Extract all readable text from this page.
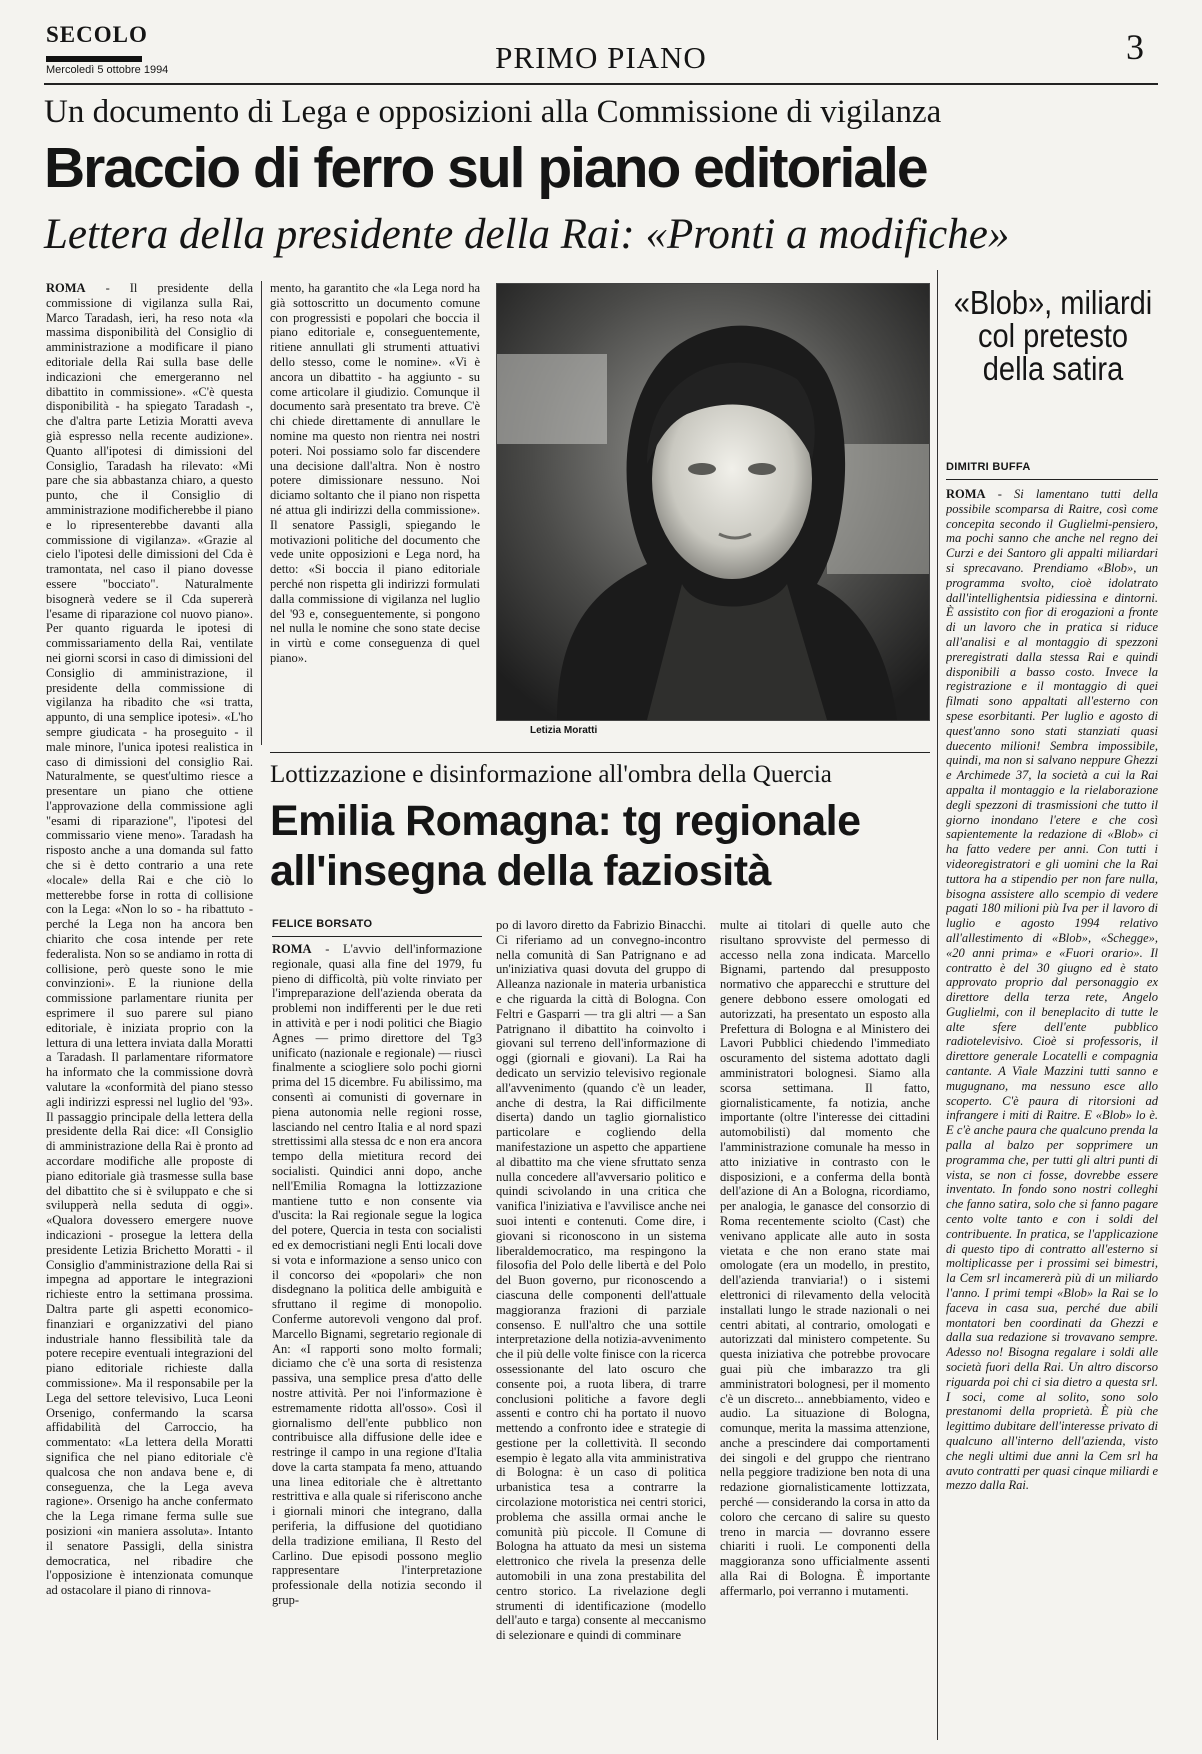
SECOLO
Mercoledì 5 ottobre 1994	PRIMO PIANO	3
Un documento di Lega e opposizioni alla Commissione di vigilanza
Braccio di ferro sul piano editoriale
Lettera della presidente della Rai: «Pronti a modifiche»
ROMA - Il presidente della commissione di vigilanza sulla Rai, Marco Taradash, ieri, ha reso nota «la massima disponibilità del Consiglio di amministrazione a modificare il piano editoriale della Rai sulla base delle indicazioni che emergeranno nel dibattito in commissione». «C'è questa disponibilità - ha spiegato Taradash -, che d'altra parte Letizia Moratti aveva già espresso nella recente audizione». Quanto all'ipotesi di dimissioni del Consiglio, Taradash ha rilevato: «Mi pare che sia abbastanza chiaro, a questo punto, che il Consiglio di amministrazione modificherebbe il piano e lo ripresenterebbe davanti alla commissione di vigilanza». «Grazie al cielo l'ipotesi delle dimissioni del Cda è tramontata, nel caso il piano dovesse essere "bocciato". Naturalmente bisognerà vedere se il Cda supererà l'esame di riparazione col nuovo piano». Per quanto riguarda le ipotesi di commissariamento della Rai, ventilate nei giorni scorsi in caso di dimissioni del Consiglio di amministrazione, il presidente della commissione di vigilanza ha ribadito che «si tratta, appunto, di una semplice ipotesi». «L'ho sempre giudicata - ha proseguito - il male minore, l'unica ipotesi realistica in caso di dimissioni del consiglio Rai. Naturalmente, se quest'ultimo riesce a presentare un piano che ottiene l'approvazione della commissione agli "esami di riparazione", l'ipotesi del commissario viene meno». Taradash ha risposto anche a una domanda sul fatto che si è detto contrario a una rete «locale» della Rai e che ciò lo metterebbe forse in rotta di collisione con la Lega: «Non lo so - ha ribattuto - perché la Lega non ha ancora ben chiarito che cosa intende per rete federalista. Non so se andiamo in rotta di collisione, però queste sono le mie convinzioni». E la riunione della commissione parlamentare riunita per esprimere il suo parere sul piano editoriale, è iniziata proprio con la lettura di una lettera inviata dalla Moratti a Taradash. Il parlamentare riformatore ha informato che la commissione dovrà valutare la «conformità del piano stesso agli indirizzi espressi nel luglio del '93». Il passaggio principale della lettera della presidente della Rai dice: «Il Consiglio di amministrazione della Rai è pronto ad accordare modifiche alle proposte di piano editoriale già trasmesse sulla base del dibattito che si è sviluppato e che si svilupperà nella seduta di oggi». «Qualora dovessero emergere nuove indicazioni - prosegue la lettera della presidente Letizia Brichetto Moratti - il Consiglio d'amministrazione della Rai si impegna ad apportare le integrazioni richieste entro la settimana prossima. Daltra parte gli aspetti economico- finanziari e organizzativi del piano industriale hanno flessibilità tale da potere recepire eventuali integrazioni del piano editoriale richieste dalla commissione». Ma il responsabile per la Lega del settore televisivo, Luca Leoni Orsenigo, confermando la scarsa affidabilità del Carroccio, ha commentato: «La lettera della Moratti significa che nel piano editoriale c'è qualcosa che non andava bene e, di conseguenza, che la Lega aveva ragione». Orsenigo ha anche confermato che la Lega rimane ferma sulle sue posizioni «in maniera assoluta». Intanto il senatore Passigli, della sinistra democratica, nel ribadire che l'opposizione è intenzionata comunque ad ostacolare il piano di rinnova-
mento, ha garantito che «la Lega nord ha già sottoscritto un documento comune con progressisti e popolari che boccia il piano editoriale e, conseguentemente, ritiene annullati gli strumenti attuativi dello stesso, come le nomine». «Vi è ancora un dibattito - ha aggiunto - su come articolare il giudizio. Comunque il documento sarà presentato tra breve. C'è chi chiede direttamente di annullare le nomine ma questo non rientra nei nostri poteri. Noi possiamo solo far discendere una decisione dall'altra. Non è nostro potere dimissionare nessuno. Noi diciamo soltanto che il piano non rispetta né attua gli indirizzi della commissione». Il senatore Passigli, spiegando le motivazioni politiche del documento che vede unite opposizioni e Lega nord, ha detto: «Si boccia il piano editoriale perché non rispetta gli indirizzi formulati dalla commissione di vigilanza nel luglio del '93 e, conseguentemente, si pongono nel nulla le nomine che sono state decise in virtù e come conseguenza di quel piano».
Letizia Moratti
«Blob», miliardi col pretesto della satira
DIMITRI BUFFA
ROMA - Si lamentano tutti della possibile scomparsa di Raitre, così come concepita secondo il Guglielmi-pensiero, ma pochi sanno che anche nel regno dei Curzi e dei Santoro gli appalti miliardari si sprecavano. Prendiamo «Blob», un programma svolto, cioè idolatrato dall'intellighentsia pidiessina e dintorni. È assistito con fior di erogazioni a fronte di un lavoro che in pratica si riduce all'analisi e al montaggio di spezzoni preregistrati dalla stessa Rai e quindi disponibili a basso costo. Invece la registrazione e il montaggio di quei filmati sono appaltati all'esterno con spese esorbitanti. Per luglio e agosto di quest'anno sono stati stanziati quasi duecento milioni! Sembra impossibile, quindi, ma non si salvano neppure Ghezzi e Archimede 37, la società a cui la Rai appalta il montaggio e la rielaborazione degli spezzoni di trasmissioni che tutto il giorno inondano l'etere e che così sapientemente la redazione di «Blob» ci ha fatto vedere per anni. Con tutti i videoregistratori e gli uomini che la Rai tuttora ha a stipendio per non fare nulla, bisogna assistere allo scempio di vedere pagati 180 milioni più Iva per il lavoro di luglio e agosto 1994 relativo all'allestimento di «Blob», «Schegge», «20 anni prima» e «Fuori orario». Il contratto è del 30 giugno ed è stato approvato proprio dal personaggio ex direttore della terza rete, Angelo Guglielmi, con il beneplacito di tutte le alte sfere dell'ente pubblico radiotelevisivo. Cioè si professoris, il direttore generale Locatelli e compagnia cantante. A Viale Mazzini tutti sanno e mugugnano, ma nessuno esce allo scoperto. C'è paura di ritorsioni ad infrangere i miti di Raitre. E «Blob» lo è. E c'è anche paura che qualcuno prenda la palla al balzo per sopprimere un programma che, per tutti gli altri punti di vista, se non ci fosse, dovrebbe essere inventato. In fondo sono nostri colleghi che fanno satira, solo che si fanno pagare cento volte tanto e con i soldi del contribuente. In pratica, se l'applicazione di questo tipo di contratto all'esterno si moltiplicasse per i prossimi sei bimestri, la Cem srl incamererà più di un miliardo l'anno. I primi tempi «Blob» la Rai se lo faceva in casa sua, perché due abili montatori ben coordinati da Ghezzi e dalla sua redazione si trovavano sempre. Adesso no! Bisogna regalare i soldi alle società fuori della Rai. Un altro discorso riguarda poi chi ci sia dietro a questa srl. I soci, come al solito, sono solo prestanomi della proprietà. È più che legittimo dubitare dell'interesse privato di qualcuno all'interno dell'azienda, visto che negli ultimi due anni la Cem srl ha avuto contratti per quasi cinque miliardi e mezzo dalla Rai.
Lottizzazione e disinformazione all'ombra della Quercia
Emilia Romagna: tg regionale all'insegna della faziosità
FELICE BORSATO
ROMA - L'avvio dell'informazione regionale, quasi alla fine del 1979, fu pieno di difficoltà, più volte rinviato per l'impreparazione dell'azienda oberata da problemi non indifferenti per le due reti in attività e per i nodi politici che Biagio Agnes — primo direttore del Tg3 unificato (nazionale e regionale) — riuscì finalmente a sciogliere solo pochi giorni prima del 15 dicembre. Fu abilissimo, ma consentì ai comunisti di governare in piena autonomia nelle regioni rosse, lasciando nel centro Italia e al nord spazi strettissimi alla stessa dc e non era ancora tempo della mietitura record dei socialisti. Quindici anni dopo, anche nell'Emilia Romagna la lottizzazione mantiene tutto e non consente via d'uscita: la Rai regionale segue la logica del potere, Quercia in testa con socialisti ed ex democristiani negli Enti locali dove si vota e informazione a senso unico con il concorso dei «popolari» che non disdegnano la politica delle ambiguità e sfruttano il regime di monopolio. Conferme autorevoli vengono dal prof. Marcello Bignami, segretario regionale di An: «I rapporti sono molto formali; diciamo che c'è una sorta di resistenza passiva, una semplice presa d'atto delle nostre attività. Per noi l'informazione è estremamente ridotta all'osso». Così il giornalismo dell'ente pubblico non contribuisce alla diffusione delle idee e restringe il campo in una regione d'Italia dove la carta stampata fa meno, attuando una linea editoriale che è altrettanto restrittiva e alla quale si riferiscono anche i giornali minori che integrano, dalla periferia, la diffusione del quotidiano della tradizione emiliana, Il Resto del Carlino. Due episodi possono meglio rappresentare l'interpretazione professionale della notizia secondo il grup-
po di lavoro diretto da Fabrizio Binacchi. Ci riferiamo ad un convegno-incontro nella comunità di San Patrignano e ad un'iniziativa quasi dovuta del gruppo di Alleanza nazionale in materia urbanistica e che riguarda la città di Bologna. Con Feltri e Gasparri — tra gli altri — a San Patrignano il dibattito ha coinvolto i giovani sul terreno dell'informazione di oggi (giornali e giovani). La Rai ha dedicato un servizio televisivo regionale all'avvenimento (quando c'è un leader, anche di destra, la Rai difficilmente diserta) dando un taglio giornalistico particolare e cogliendo della manifestazione un aspetto che appartiene al dibattito ma che viene sfruttato senza nulla concedere all'avversario politico e quindi scivolando in una critica che vanifica l'iniziativa e l'avvilisce anche nei suoi intenti e contenuti. Come dire, i giovani si riconoscono in un sistema liberaldemocratico, ma respingono la filosofia del Polo delle libertà e del Polo del Buon governo, pur riconoscendo a ciascuna delle componenti dell'attuale maggioranza frazioni di parziale consenso. E null'altro che una sottile interpretazione della notizia-avvenimento che il più delle volte finisce con la ricerca ossessionante del lato oscuro che consente poi, a ruota libera, di trarre conclusioni politiche a favore degli assenti e contro chi ha portato il nuovo mettendo a confronto idee e strategie di gestione per la collettività. Il secondo esempio è legato alla vita amministrativa di Bologna: è un caso di politica urbanistica tesa a contrarre la circolazione motoristica nei centri storici, problema che assilla ormai anche le comunità più piccole. Il Comune di Bologna ha attuato da mesi un sistema elettronico che rivela la presenza delle automobili in una zona prestabilita del centro storico. La rivelazione degli strumenti di identificazione (modello dell'auto e targa) consente al meccanismo di selezionare e quindi di comminare
multe ai titolari di quelle auto che risultano sprovviste del permesso di accesso nella zona indicata. Marcello Bignami, partendo dal presupposto normativo che apparecchi e strutture del genere debbono essere omologati ed autorizzati, ha presentato un esposto alla Prefettura di Bologna e al Ministero dei Lavori Pubblici chiedendo l'immediato oscuramento del sistema adottato dagli amministratori bolognesi. Siamo alla scorsa settimana. Il fatto, giornalisticamente, fa notizia, anche importante (oltre l'interesse dei cittadini automobilisti) dal momento che l'amministrazione comunale ha messo in atto iniziative in contrasto con le disposizioni, e a conferma della bontà dell'azione di An a Bologna, ricordiamo, per analogia, le ganasce del consorzio di Roma recentemente sciolto (Cast) che venivano applicate alle auto in sosta vietata e che non erano state mai omologate (era un modello, in prestito, dell'azienda tranviaria!) o i sistemi elettronici di rilevamento della velocità installati lungo le strade nazionali o nei centri abitati, al contrario, omologati e autorizzati dal ministero competente. Su questa iniziativa che potrebbe provocare guai più che imbarazzo tra gli amministratori bolognesi, per il momento c'è un discreto... annebbiamento, video e audio. La situazione di Bologna, comunque, merita la massima attenzione, anche a prescindere dai comportamenti dei singoli e del gruppo che rientrano nella peggiore tradizione ben nota di una redazione giornalisticamente lottizzata, perché — considerando la corsa in atto da coloro che cercano di salire su questo treno in marcia — dovranno essere chiariti i ruoli. Le componenti della maggioranza sono ufficialmente assenti alla Rai di Bologna. È importante affermarlo, poi verranno i mutamenti.
